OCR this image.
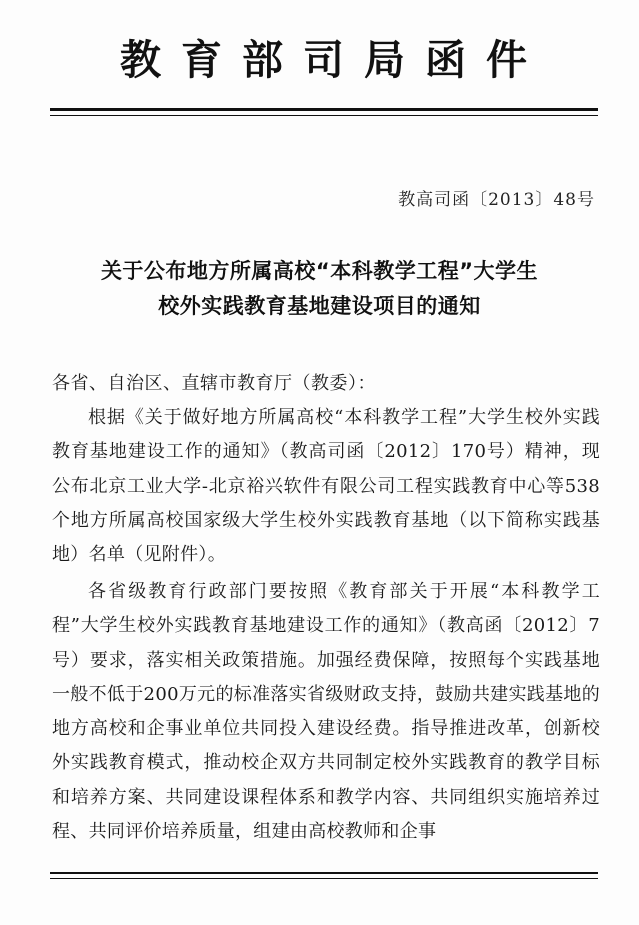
教育部司局函件
教高司函〔2013〕48号
关于公布地方所属高校“本科教学工程”大学生
校外实践教育基地建设项目的通知
各省、自治区、直辖市教育厅（教委）：
根据《关于做好地方所属高校“本科教学工程”大学生校外实践教育基地建设工作的通知》（教高司函〔2012〕170号）精神，现公布北京工业大学-北京裕兴软件有限公司工程实践教育中心等538个地方所属高校国家级大学生校外实践教育基地（以下简称实践基地）名单（见附件）。
各省级教育行政部门要按照《教育部关于开展“本科教学工程”大学生校外实践教育基地建设工作的通知》（教高函〔2012〕7号）要求，落实相关政策措施。加强经费保障，按照每个实践基地一般不低于200万元的标准落实省级财政支持，鼓励共建实践基地的地方高校和企事业单位共同投入建设经费。指导推进改革，创新校外实践教育模式，推动校企双方共同制定校外实践教育的教学目标和培养方案、共同建设课程体系和教学内容、共同组织实施培养过程、共同评价培养质量，组建由高校教师和企事
